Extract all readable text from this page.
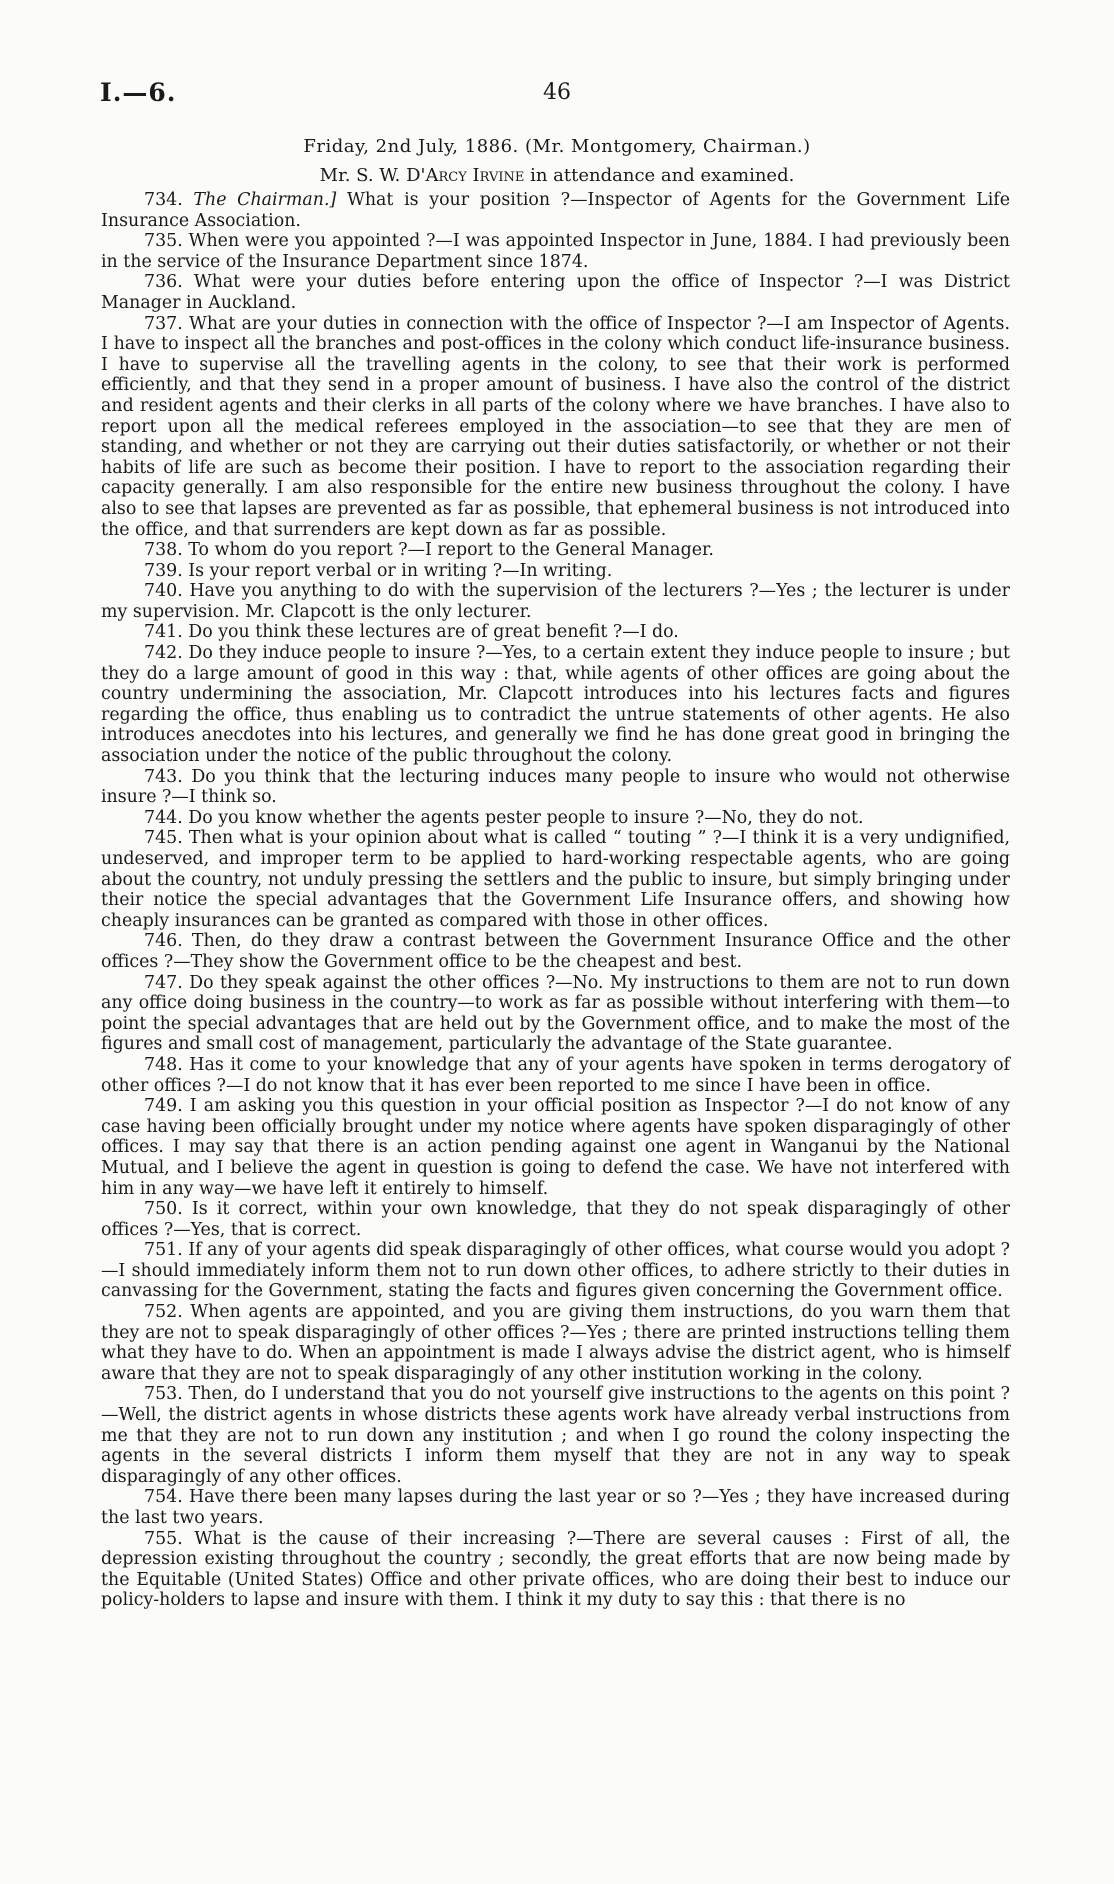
I.—6.	46
Friday, 2nd July, 1886. (Mr. Montgomery, Chairman.)
Mr. S. W. D'Arcy Irvine in attendance and examined.

734. The Chairman.] What is your position ?—Inspector of Agents for the Government Life Insurance Association.

735. When were you appointed ?—I was appointed Inspector in June, 1884. I had previously been in the service of the Insurance Department since 1874.

736. What were your duties before entering upon the office of Inspector ?—I was District Manager in Auckland.

737. What are your duties in connection with the office of Inspector ?—I am Inspector of Agents. I have to inspect all the branches and post-offices in the colony which conduct life-insurance business. I have to supervise all the travelling agents in the colony, to see that their work is performed efficiently, and that they send in a proper amount of business. I have also the control of the district and resident agents and their clerks in all parts of the colony where we have branches. I have also to report upon all the medical referees employed in the association—to see that they are men of standing, and whether or not they are carrying out their duties satisfactorily, or whether or not their habits of life are such as become their position. I have to report to the association regarding their capacity generally. I am also responsible for the entire new business throughout the colony. I have also to see that lapses are prevented as far as possible, that ephemeral business is not introduced into the office, and that surrenders are kept down as far as possible.

738. To whom do you report ?—I report to the General Manager.

739. Is your report verbal or in writing ?—In writing.

740. Have you anything to do with the supervision of the lecturers ?—Yes ; the lecturer is under my supervision. Mr. Clapcott is the only lecturer.

741. Do you think these lectures are of great benefit ?—I do.

742. Do they induce people to insure ?—Yes, to a certain extent they induce people to insure ; but they do a large amount of good in this way : that, while agents of other offices are going about the country undermining the association, Mr. Clapcott introduces into his lectures facts and figures regarding the office, thus enabling us to contradict the untrue statements of other agents. He also introduces anecdotes into his lectures, and generally we find he has done great good in bringing the association under the notice of the public throughout the colony.

743. Do you think that the lecturing induces many people to insure who would not otherwise insure ?—I think so.

744. Do you know whether the agents pester people to insure ?—No, they do not.

745. Then what is your opinion about what is called “ touting ” ?—I think it is a very undignified, undeserved, and improper term to be applied to hard-working respectable agents, who are going about the country, not unduly pressing the settlers and the public to insure, but simply bringing under their notice the special advantages that the Government Life Insurance offers, and showing how cheaply insurances can be granted as compared with those in other offices.

746. Then, do they draw a contrast between the Government Insurance Office and the other offices ?—They show the Government office to be the cheapest and best.

747. Do they speak against the other offices ?—No. My instructions to them are not to run down any office doing business in the country—to work as far as possible without interfering with them—to point the special advantages that are held out by the Government office, and to make the most of the figures and small cost of management, particularly the advantage of the State guarantee.

748. Has it come to your knowledge that any of your agents have spoken in terms derogatory of other offices ?—I do not know that it has ever been reported to me since I have been in office.

749. I am asking you this question in your official position as Inspector ?—I do not know of any case having been officially brought under my notice where agents have spoken disparagingly of other offices. I may say that there is an action pending against one agent in Wanganui by the National Mutual, and I believe the agent in question is going to defend the case. We have not interfered with him in any way—we have left it entirely to himself.

750. Is it correct, within your own knowledge, that they do not speak disparagingly of other offices ?—Yes, that is correct.

751. If any of your agents did speak disparagingly of other offices, what course would you adopt ?—I should immediately inform them not to run down other offices, to adhere strictly to their duties in canvassing for the Government, stating the facts and figures given concerning the Government office.

752. When agents are appointed, and you are giving them instructions, do you warn them that they are not to speak disparagingly of other offices ?—Yes ; there are printed instructions telling them what they have to do. When an appointment is made I always advise the district agent, who is himself aware that they are not to speak disparagingly of any other institution working in the colony.

753. Then, do I understand that you do not yourself give instructions to the agents on this point ?—Well, the district agents in whose districts these agents work have already verbal instructions from me that they are not to run down any institution ; and when I go round the colony inspecting the agents in the several districts I inform them myself that they are not in any way to speak disparagingly of any other offices.

754. Have there been many lapses during the last year or so ?—Yes ; they have increased during the last two years.

755. What is the cause of their increasing ?—There are several causes : First of all, the depression existing throughout the country ; secondly, the great efforts that are now being made by the Equitable (United States) Office and other private offices, who are doing their best to induce our policy-holders to lapse and insure with them. I think it my duty to say this : that there is no
